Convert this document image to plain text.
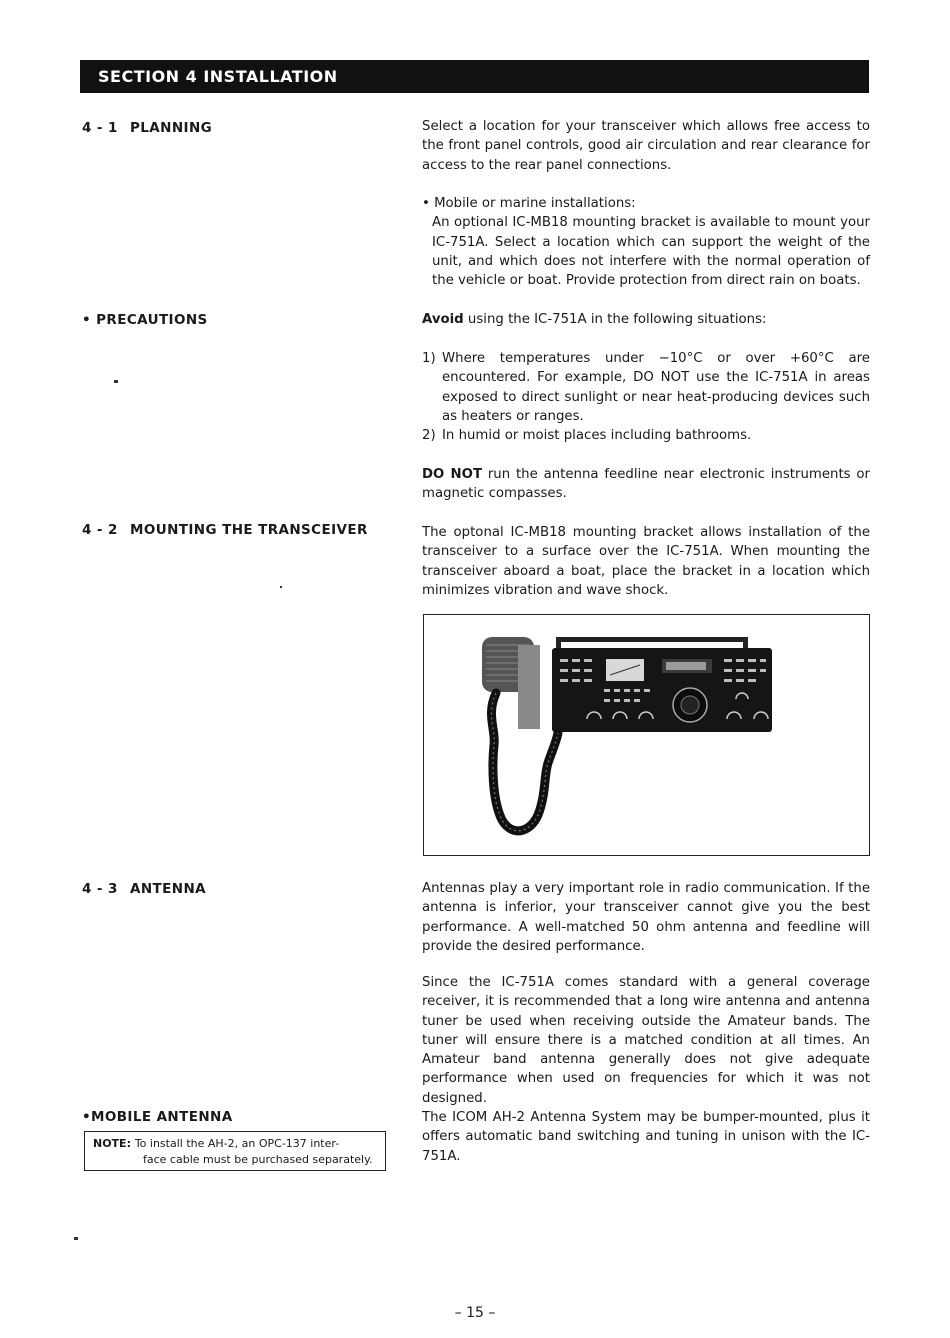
SECTION 4 INSTALLATION
4 - 1 PLANNING
• PRECAUTIONS
4 - 2 MOUNTING THE TRANSCEIVER
4 - 3 ANTENNA
•MOBILE ANTENNA

Select a location for your transceiver which allows free access to the front panel controls, good air circulation and rear clearance for access to the rear panel connections.

• Mobile or marine installations:

An optional IC-MB18 mounting bracket is available to mount your IC-751A. Select a location which can support the weight of the unit, and which does not interfere with the normal operation of the vehicle or boat. Provide protection from direct rain on boats.

Avoid using the IC-751A in the following situations:

1) Where temperatures under −10°C or over +60°C are encountered. For example, DO NOT use the IC-751A in areas exposed to direct sunlight or near heat-producing devices such as heaters or ranges.
2) In humid or moist places including bathrooms.

DO NOT run the antenna feedline near electronic instruments or magnetic compasses.

The optonal IC-MB18 mounting bracket allows installation of the transceiver to a surface over the IC-751A. When mounting the transceiver aboard a boat, place the bracket in a location which minimizes vibration and wave shock.

Antennas play a very important role in radio communication. If the antenna is inferior, your transceiver cannot give you the best performance. A well-matched 50 ohm antenna and feedline will provide the desired performance.

Since the IC-751A comes standard with a general coverage receiver, it is recommended that a long wire antenna and antenna tuner be used when receiving outside the Amateur bands. The tuner will ensure there is a matched condition at all times. An Amateur band antenna generally does not give adequate performance when used on frequencies for which it was not designed.

The ICOM AH-2 Antenna System may be bumper-mounted, plus it offers automatic band switching and tuning in unison with the IC-751A.

NOTE: To install the AH-2, an OPC-137 inter-
face cable must be purchased separately.
– 15 –
